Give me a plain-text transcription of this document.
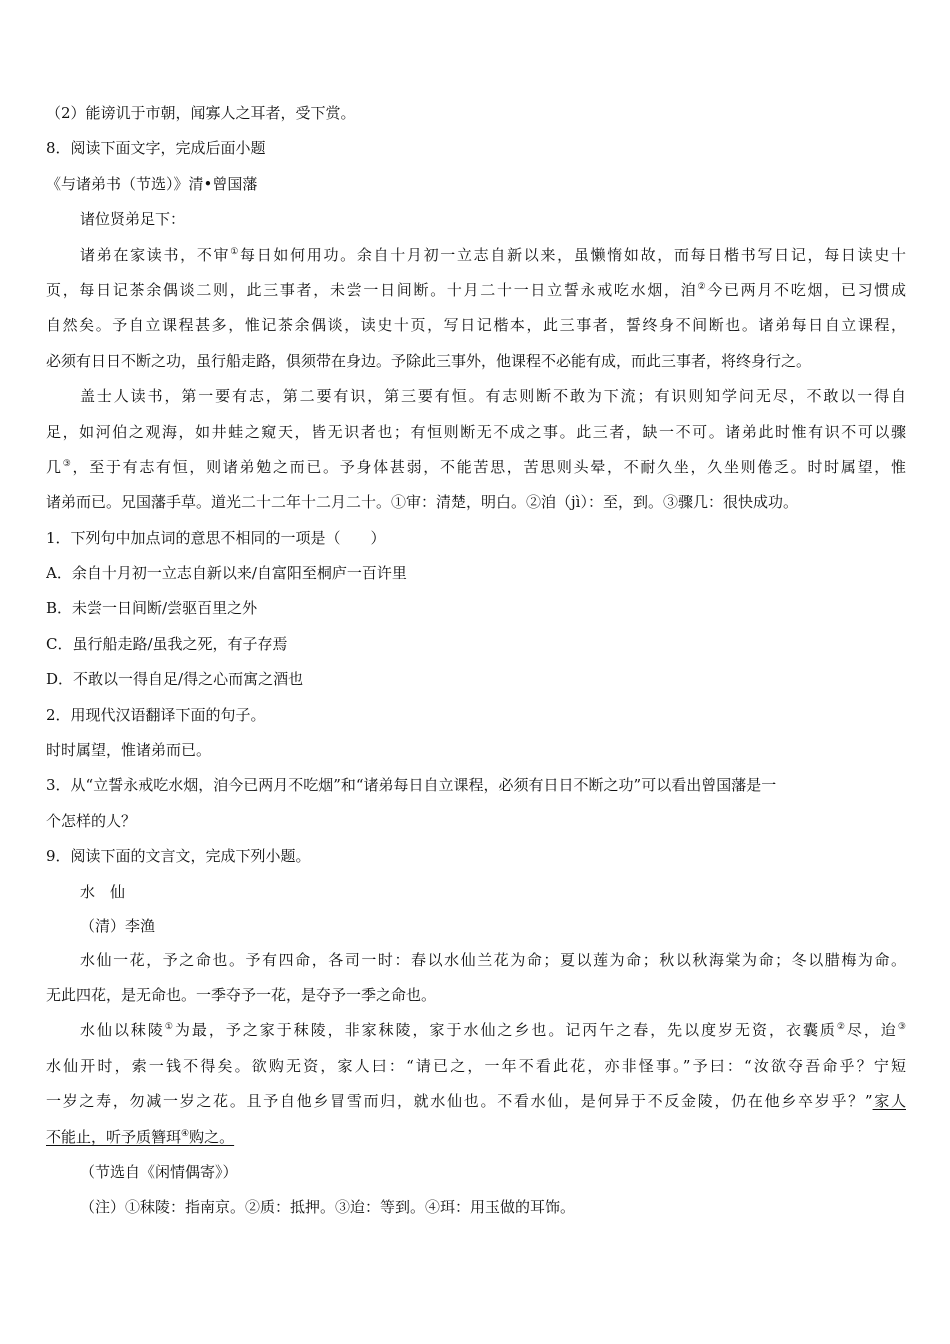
（2）能谤讥于市朝，闻寡人之耳者，受下赏。
8．阅读下面文字，完成后面小题
《与诸弟书（节选）》清•曾国藩
诸位贤弟足下：
诸弟在家读书，不审①每日如何用功。余自十月初一立志自新以来，虽懒惰如故，而每日楷书写日记，每日读史十
页，每日记茶余偶谈二则，此三事者，未尝一日间断。十月二十一日立誓永戒吃水烟，洎②今已两月不吃烟，已习惯成
自然矣。予自立课程甚多，惟记茶余偶谈，读史十页，写日记楷本，此三事者，誓终身不间断也。诸弟每日自立课程，
必须有日日不断之功，虽行船走路，俱须带在身边。予除此三事外，他课程不必能有成，而此三事者，将终身行之。
盖士人读书，第一要有志，第二要有识，第三要有恒。有志则断不敢为下流；有识则知学问无尽，不敢以一得自
足，如河伯之观海，如井蛙之窥天，皆无识者也；有恒则断无不成之事。此三者，缺一不可。诸弟此时惟有识不可以骤
几③，至于有志有恒，则诸弟勉之而已。予身体甚弱，不能苦思，苦思则头晕，不耐久坐，久坐则倦乏。时时属望，惟
诸弟而已。兄国藩手草。道光二十二年十二月二十。①审：清楚，明白。②洎（jì）：至，到。③骤几：很快成功。
1．下列句中加点词的意思不相同的一项是（　　）
A．余自十月初一立志自新以来/自富阳至桐庐一百许里
B．未尝一日间断/尝驱百里之外
C．虽行船走路/虽我之死，有子存焉
D．不敢以一得自足/得之心而寓之酒也
2．用现代汉语翻译下面的句子。
时时属望，惟诸弟而已。
3．从“立誓永戒吃水烟，洎今已两月不吃烟”和“诸弟每日自立课程，必须有日日不断之功”可以看出曾国藩是一
个怎样的人？
9．阅读下面的文言文，完成下列小题。
水　仙
（清）李渔
水仙一花，予之命也。予有四命，各司一时：春以水仙兰花为命；夏以莲为命；秋以秋海棠为命；冬以腊梅为命。
无此四花，是无命也。一季夺予一花，是夺予一季之命也。
水仙以秣陵①为最，予之家于秣陵，非家秣陵，家于水仙之乡也。记丙午之春，先以度岁无资，衣囊质②尽，迨③
水仙开时，索一钱不得矣。欲购无资，家人曰：“请已之，一年不看此花，亦非怪事。”予曰：“汝欲夺吾命乎？宁短
一岁之寿，勿减一岁之花。且予自他乡冒雪而归，就水仙也。不看水仙，是何异于不反金陵，仍在他乡卒岁乎？”家人
不能止，听予质簪珥④购之。
（节选自《闲情偶寄》）
（注）①秣陵：指南京。②质：抵押。③迨：等到。④珥：用玉做的耳饰。
